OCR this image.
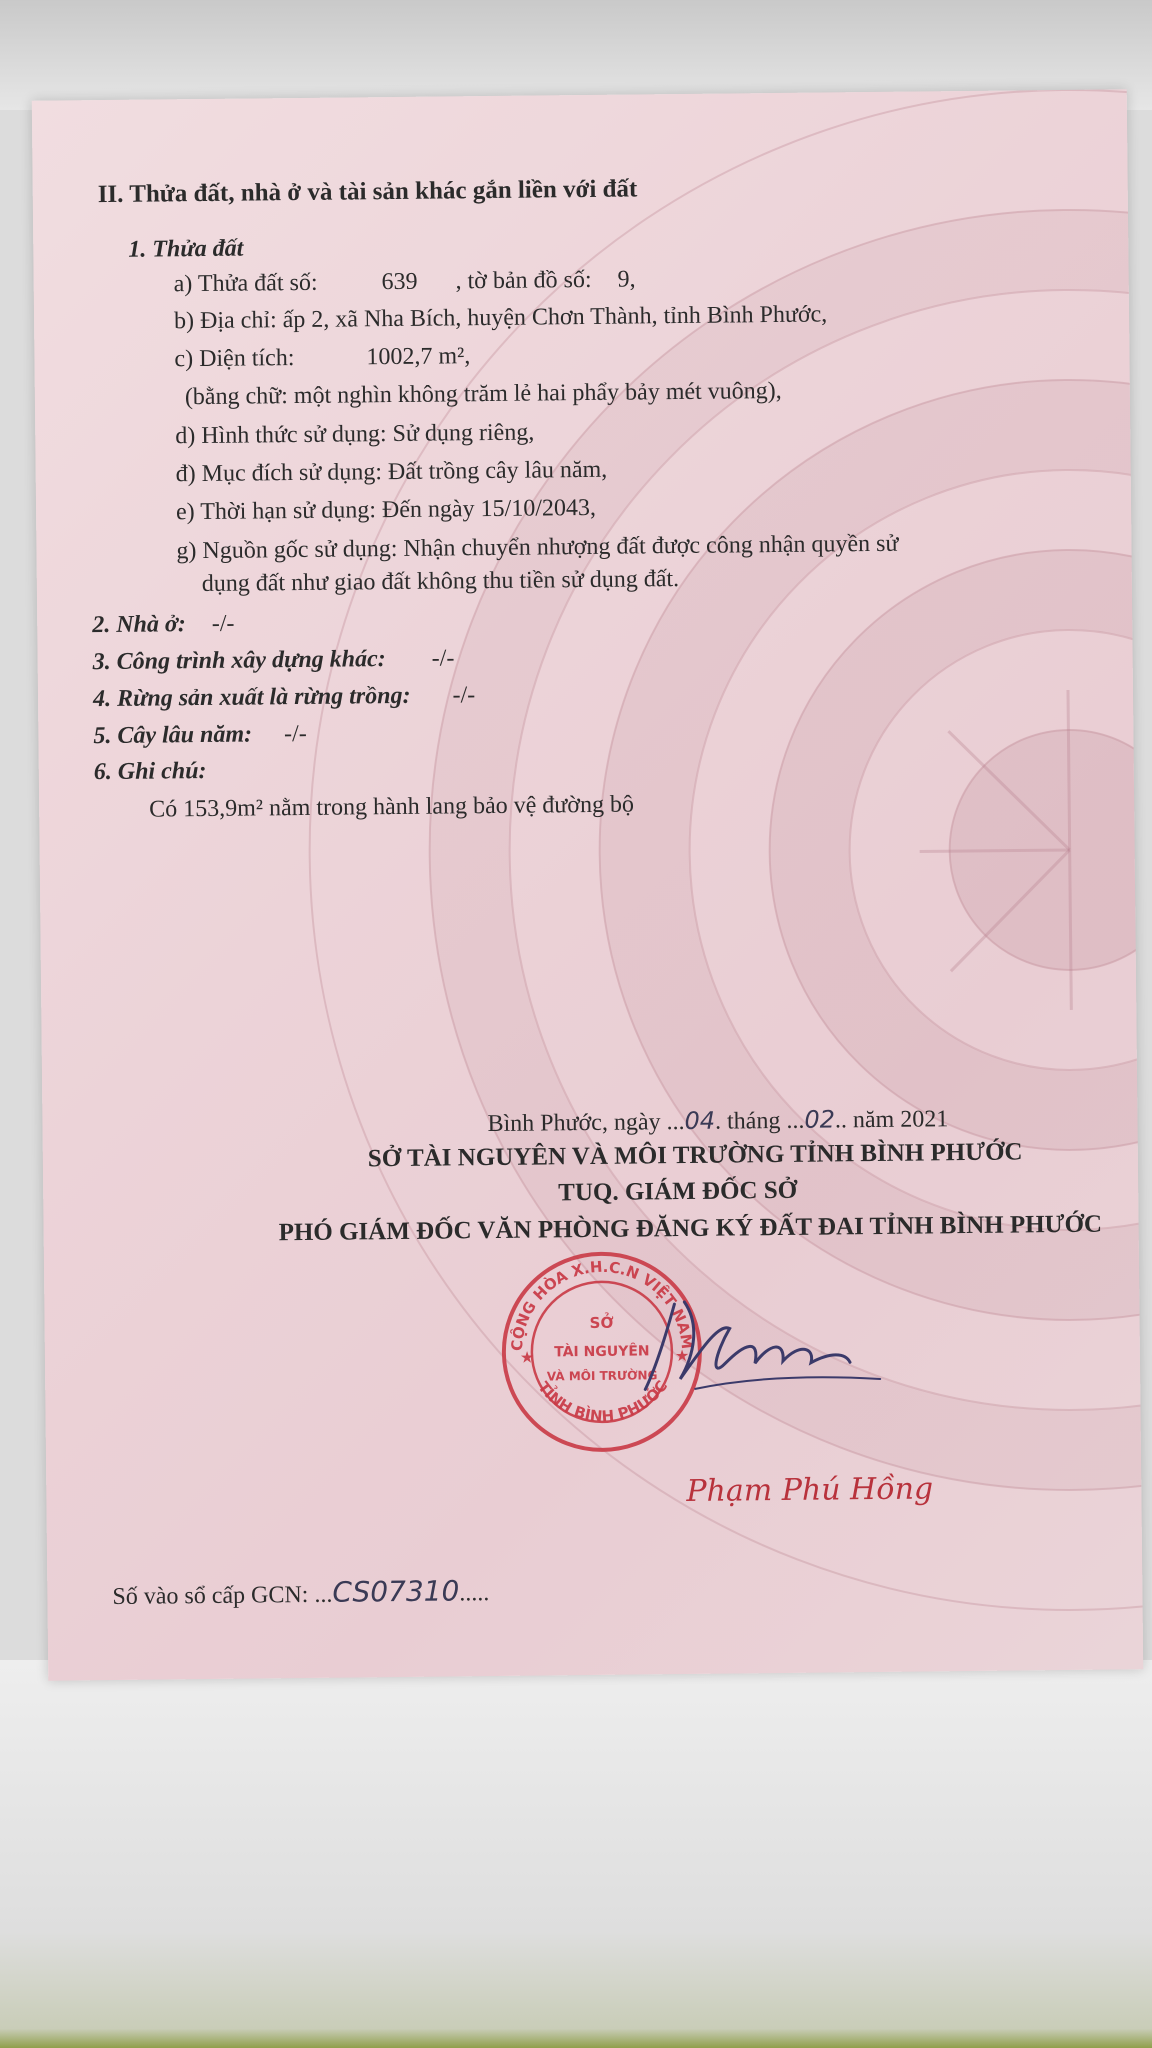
II. Thửa đất, nhà ở và tài sản khác gắn liền với đất
1. Thửa đất
a) Thửa đất số:	639 , tờ bản đồ số: 9,
b) Địa chỉ: ấp 2, xã Nha Bích, huyện Chơn Thành, tỉnh Bình Phước,
c) Diện tích:	1002,7 m²,
(bằng chữ: một nghìn không trăm lẻ hai phẩy bảy mét vuông),
d) Hình thức sử dụng: Sử dụng riêng,
đ) Mục đích sử dụng: Đất trồng cây lâu năm,
e) Thời hạn sử dụng: Đến ngày 15/10/2043,
g) Nguồn gốc sử dụng: Nhận chuyển nhượng đất được công nhận quyền sử
dụng đất như giao đất không thu tiền sử dụng đất.
2. Nhà ở: -/-
3. Công trình xây dựng khác: -/-
4. Rừng sản xuất là rừng trồng: -/-
5. Cây lâu năm: -/-
6. Ghi chú:
Có 153,9m² nằm trong hành lang bảo vệ đường bộ
Bình Phước, ngày ...04. tháng ...02.. năm 2021
SỞ TÀI NGUYÊN VÀ MÔI TRƯỜNG TỈNH BÌNH PHƯỚC
TUQ. GIÁM ĐỐC SỞ
PHÓ GIÁM ĐỐC VĂN PHÒNG ĐĂNG KÝ ĐẤT ĐAI TỈNH BÌNH PHƯỚC
CỘNG HÒA X.H.C.N VIỆT NAM
TỈNH BÌNH PHƯỚC
SỞ
TÀI NGUYÊN
VÀ MÔI TRƯỜNG
★	★
Phạm Phú Hồng
Số vào sổ cấp GCN: ...CS07310.....
